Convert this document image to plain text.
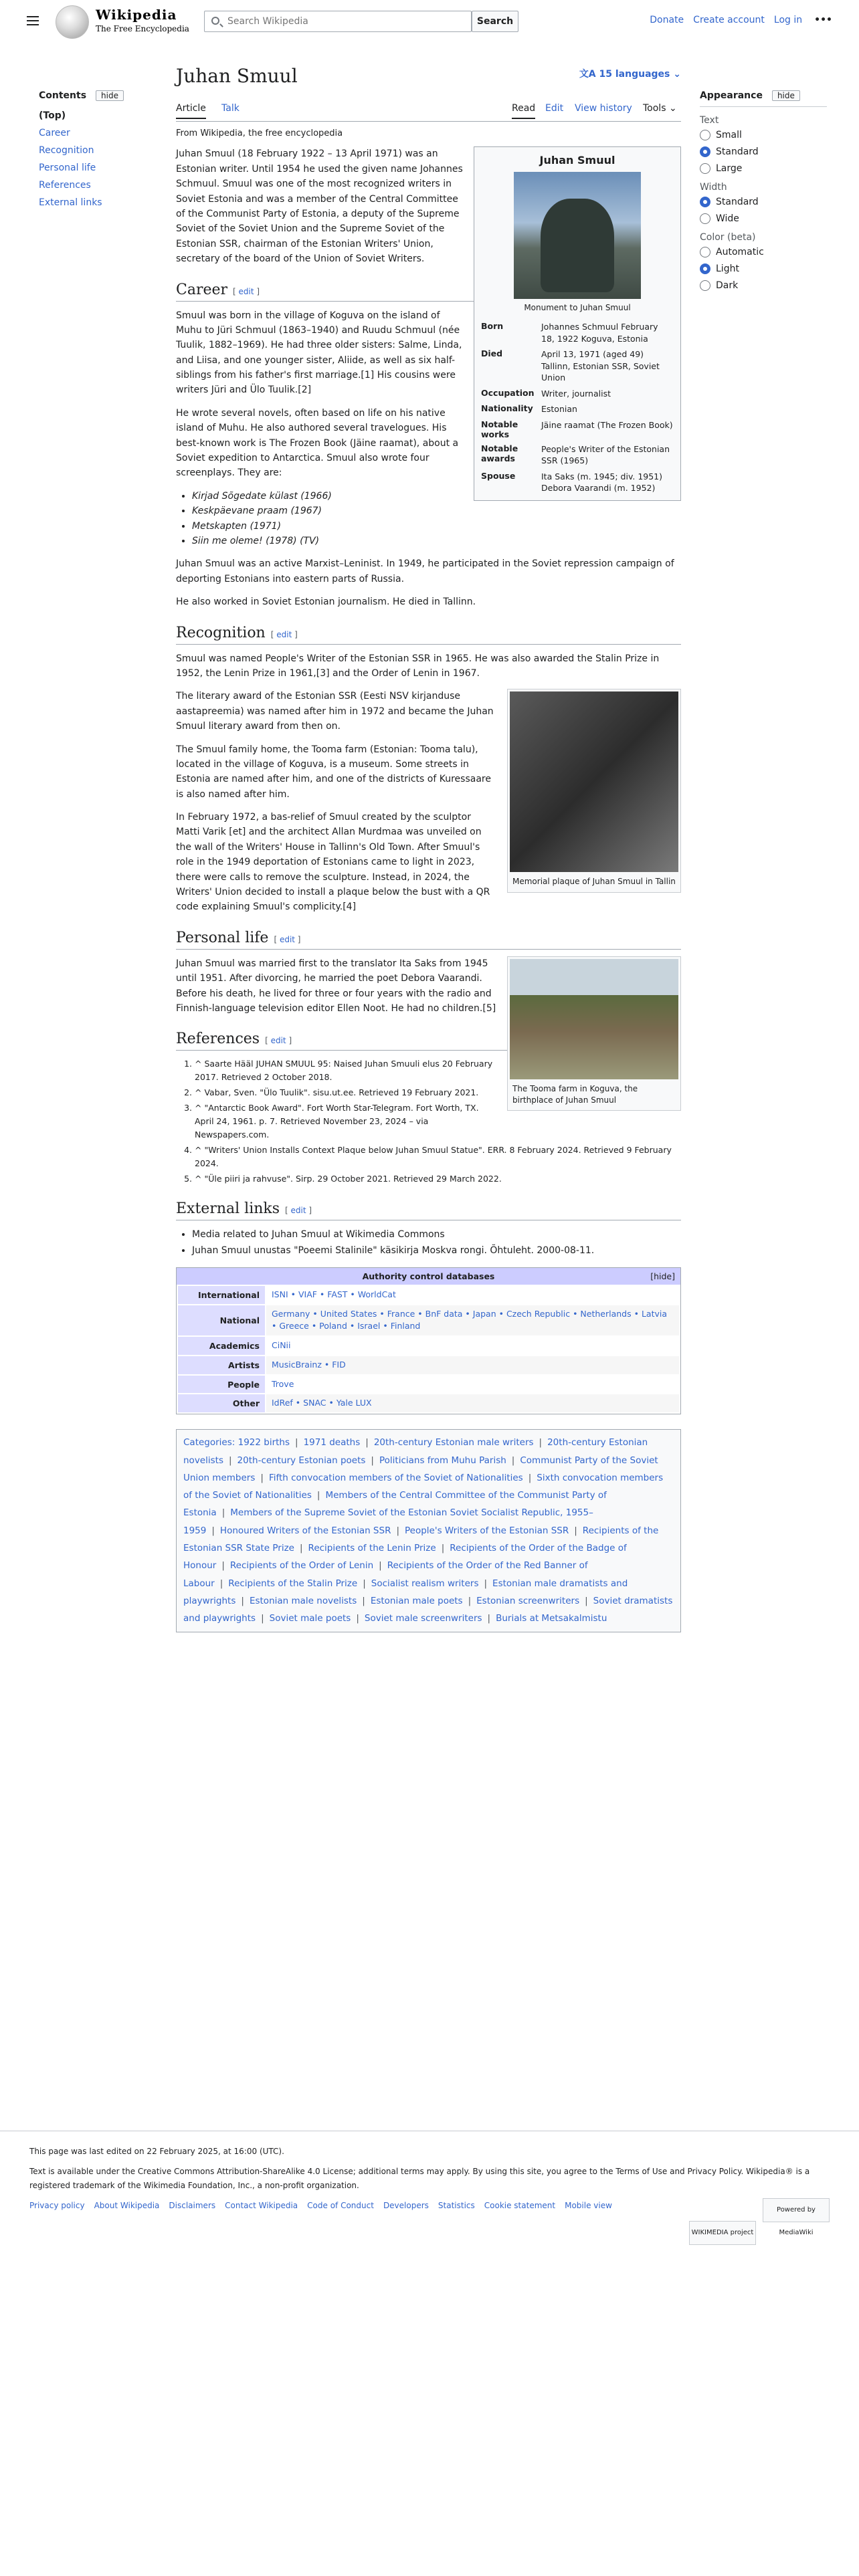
Wikipedia
The Free Encyclopedia
Search Wikipedia
Search	Donate Create account Log in •••
Contents hide
(Top)
Career
Recognition
Personal life
References
External links
Juhan Smuul	文A 15 languages ⌄
Article Talk	Read Edit View history Tools ⌄
From Wikipedia, the free encyclopedia
Juhan Smuul
Monument to Juhan Smuul
Born	Johannes Schmuul February 18, 1922 Koguva, Estonia
Died	April 13, 1971 (aged 49) Tallinn, Estonian SSR, Soviet Union
Occupation	Writer, journalist
Nationality	Estonian
Notable works	Jäine raamat (The Frozen Book)
Notable awards	People's Writer of the Estonian SSR (1965)
Spouse	Ita Saks (m. 1945; div. 1951) Debora Vaarandi (m. 1952)

Juhan Smuul (18 February 1922 – 13 April 1971) was an Estonian writer. Until 1954 he used the given name Johannes Schmuul. Smuul was one of the most recognized writers in Soviet Estonia and was a member of the Central Committee of the Communist Party of Estonia, a deputy of the Supreme Soviet of the Soviet Union and the Supreme Soviet of the Estonian SSR, chairman of the Estonian Writers' Union, secretary of the board of the Union of Soviet Writers.

Career [ edit ]

Smuul was born in the village of Koguva on the island of Muhu to Jüri Schmuul (1863–1940) and Ruudu Schmuul (née Tuulik, 1882–1969). He had three older sisters: Salme, Linda, and Liisa, and one younger sister, Aliide, as well as six half-siblings from his father's first marriage.[1] His cousins were writers Jüri and Ülo Tuulik.[2]

He wrote several novels, often based on life on his native island of Muhu. He also authored several travelogues. His best-known work is The Frozen Book (Jäine raamat), about a Soviet expedition to Antarctica. Smuul also wrote four screenplays. They are:

• Kirjad Sõgedate külast (1966)
• Keskpäevane praam (1967)
• Metskapten (1971)
• Siin me oleme! (1978) (TV)

Juhan Smuul was an active Marxist–Leninist. In 1949, he participated in the Soviet repression campaign of deporting Estonians into eastern parts of Russia.

He also worked in Soviet Estonian journalism. He died in Tallinn.

Recognition [ edit ]

Smuul was named People's Writer of the Estonian SSR in 1965. He was also awarded the Stalin Prize in 1952, the Lenin Prize in 1961,[3] and the Order of Lenin in 1967.

Memorial plaque of Juhan Smuul in Tallin

The literary award of the Estonian SSR (Eesti NSV kirjanduse aastapreemia) was named after him in 1972 and became the Juhan Smuul literary award from then on.

The Smuul family home, the Tooma farm (Estonian: Tooma talu), located in the village of Koguva, is a museum. Some streets in Estonia are named after him, and one of the districts of Kuressaare is also named after him.

In February 1972, a bas-relief of Smuul created by the sculptor Matti Varik [et] and the architect Allan Murdmaa was unveiled on the wall of the Writers' House in Tallinn's Old Town. After Smuul's role in the 1949 deportation of Estonians came to light in 2023, there were calls to remove the sculpture. Instead, in 2024, the Writers' Union decided to install a plaque below the bust with a QR code explaining Smuul's complicity.[4]

Personal life [ edit ]
The Tooma farm in Koguva, the birthplace of Juhan Smuul

Juhan Smuul was married first to the translator Ita Saks from 1945 until 1951. After divorcing, he married the poet Debora Vaarandi. Before his death, he lived for three or four years with the radio and Finnish-language television editor Ellen Noot. He had no children.[5]

References [ edit ]
1. ^ Saarte Hääl JUHAN SMUUL 95: Naised Juhan Smuuli elus 20 February 2017. Retrieved 2 October 2018.
2. ^ Vabar, Sven. "Ülo Tuulik". sisu.ut.ee. Retrieved 19 February 2021.
3. ^ "Antarctic Book Award". Fort Worth Star-Telegram. Fort Worth, TX. April 24, 1961. p. 7. Retrieved November 23, 2024 – via Newspapers.com.
4. ^ "Writers' Union Installs Context Plaque below Juhan Smuul Statue". ERR. 8 February 2024. Retrieved 9 February 2024.
5. ^ "Üle piiri ja rahvuse". Sirp. 29 October 2021. Retrieved 29 March 2022.
External links [ edit ]
• Media related to Juhan Smuul at Wikimedia Commons
• Juhan Smuul unustas "Poeemi Stalinile" käsikirja Moskva rongi. Õhtuleht. 2000-08-11.
Authority control databases	[hide]
International	ISNI • VIAF • FAST • WorldCat
National	Germany • United States • France • BnF data • Japan • Czech Republic • Netherlands • Latvia • Greece • Poland • Israel • Finland
Academics	CiNii
Artists	MusicBrainz • FID
People	Trove
Other	IdRef • SNAC • Yale LUX
Categories: 1922 births | 1971 deaths | 20th-century Estonian male writers | 20th-century Estonian novelists | 20th-century Estonian poets | Politicians from Muhu Parish | Communist Party of the Soviet Union members | Fifth convocation members of the Soviet of Nationalities | Sixth convocation members of the Soviet of Nationalities | Members of the Central Committee of the Communist Party of Estonia | Members of the Supreme Soviet of the Estonian Soviet Socialist Republic, 1955–1959 | Honoured Writers of the Estonian SSR | People's Writers of the Estonian SSR | Recipients of the Estonian SSR State Prize | Recipients of the Lenin Prize | Recipients of the Order of the Badge of Honour | Recipients of the Order of Lenin | Recipients of the Order of the Red Banner of Labour | Recipients of the Stalin Prize | Socialist realism writers | Estonian male dramatists and playwrights | Estonian male novelists | Estonian male poets | Estonian screenwriters | Soviet dramatists and playwrights | Soviet male poets | Soviet male screenwriters | Burials at Metsakalmistu
Appearance hide
Text
Small
Standard
Large
Width
Standard
Wide
Color (beta)
Automatic
Light
Dark
This page was last edited on 22 February 2025, at 16:00 (UTC).
Text is available under the Creative Commons Attribution-ShareAlike 4.0 License; additional terms may apply. By using this site, you agree to the Terms of Use and Privacy Policy. Wikipedia® is a registered trademark of the Wikimedia Foundation, Inc., a non-profit organization.
Privacy policy About Wikipedia Disclaimers Contact Wikipedia Code of Conduct Developers Statistics Cookie statement Mobile view
WIKIMEDIA projectPowered by MediaWiki
